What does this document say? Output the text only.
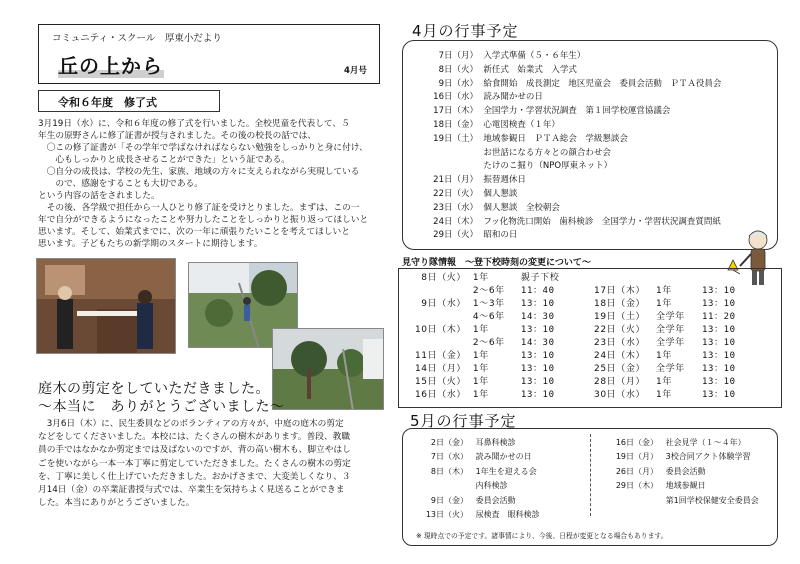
コミュニティ・スクール　厚東小だより
丘の上から	4月号
令和６年度　修了式
3月19日（水）に、令和６年度の修了式を行いました。全校児童を代表して、５
年生の原野さんに修了証書が授与されました。その後の校長の話では、
　〇この修了証書が「その学年で学ばなければならない勉強をしっかりと身に付け、
　　心もしっかりと成長させることができた」という証である。
　〇自分の成長は、学校の先生、家族、地域の方々に支えられながら実現している
　　ので、感謝をすることも大切である。
という内容の話をされました。
　その後、各学級で担任から一人ひとり修了証を受けとりました。まずは、この一
年で自分ができるようになったことや努力したことをしっかりと振り返ってほしいと
思います。そして、始業式までに、次の一年に頑張りたいことを考えてほしいと
思います。子どもたちの新学期のスタートに期待します。
庭木の剪定をしていただきました。
～本当に　ありがとうございました～
　3月6日（木）に、民生委員などのボランティアの方々が、中庭の庭木の剪定
などをしてくださいました。本校には、たくさんの樹木があります。普段、教職
員の手ではなかなか剪定までは及ばないのですが、背の高い樹木も、脚立やはし
ごを使いながら一本一本丁寧に剪定していただきました。たくさんの樹木の剪定
を、丁寧に美しく仕上げていただきました。おかげさまで、大変美しくなり、３
月14日（金）の卒業証書授与式では、卒業生を気持ちよく見送ることができま
した。本当にありがとうございました。
4月の行事予定
7日（月） 入学式準備（５・６年生）
8日（火） 新任式　始業式　入学式
9日（水） 給食開始　成長測定　地区児童会　委員会活動　ＰＴＡ役員会
16日（水） 読み聞かせの日
17日（木） 全国学力・学習状況調査　第１回学校運営協議会
18日（金） 心電図検査（１年）
19日（土） 地域参観日　ＰＴＡ総会　学級懇談会
お世話になる方々との顔合わせ会
たけのこ掘り（NPO厚東ネット）
21日（月） 振替週休日
22日（火） 個人懇談
23日（水） 個人懇談　全校朝会
24日（木） フッ化物洗口開始　歯科検診　全国学力・学習状況調査質問紙
29日（火） 昭和の日
見守り隊情報　～登下校時刻の変更について～
8日（火） 1年	親子下校
2～6年 11：40
9日（水） 1～3年 13：10
4～6年 14：30
10日（木） 1年	13：10
2～6年 14：30
11日（金） 1年	13：10
14日（月） 1年	13：10
15日（火） 1年	13：10
16日（水） 1年	13：10

17日（木） 1年	13：10
18日（金） 1年	13：10
19日（土） 全学年 11：20
22日（火） 全学年 13：10
23日（水） 全学年 13：10
24日（木） 1年	13：10
25日（金） 全学年 13：10
28日（月） 1年	13：10
30日（水） 1年	13：10
5月の行事予定
2日（金） 耳鼻科検診
7日（水） 読み聞かせの日
8日（木） 1年生を迎える会
内科検診
9日（金） 委員会活動
13日（火） 尿検査　眼科検診
16日（金） 社会見学（１～４年）
19日（月） 3校合同アクト体験学習
26日（月） 委員会活動
29日（木） 地域参観日
第1回学校保健安全委員会
※ 現時点での予定です。諸事情により、今後、日程が変更となる場合もあります。
